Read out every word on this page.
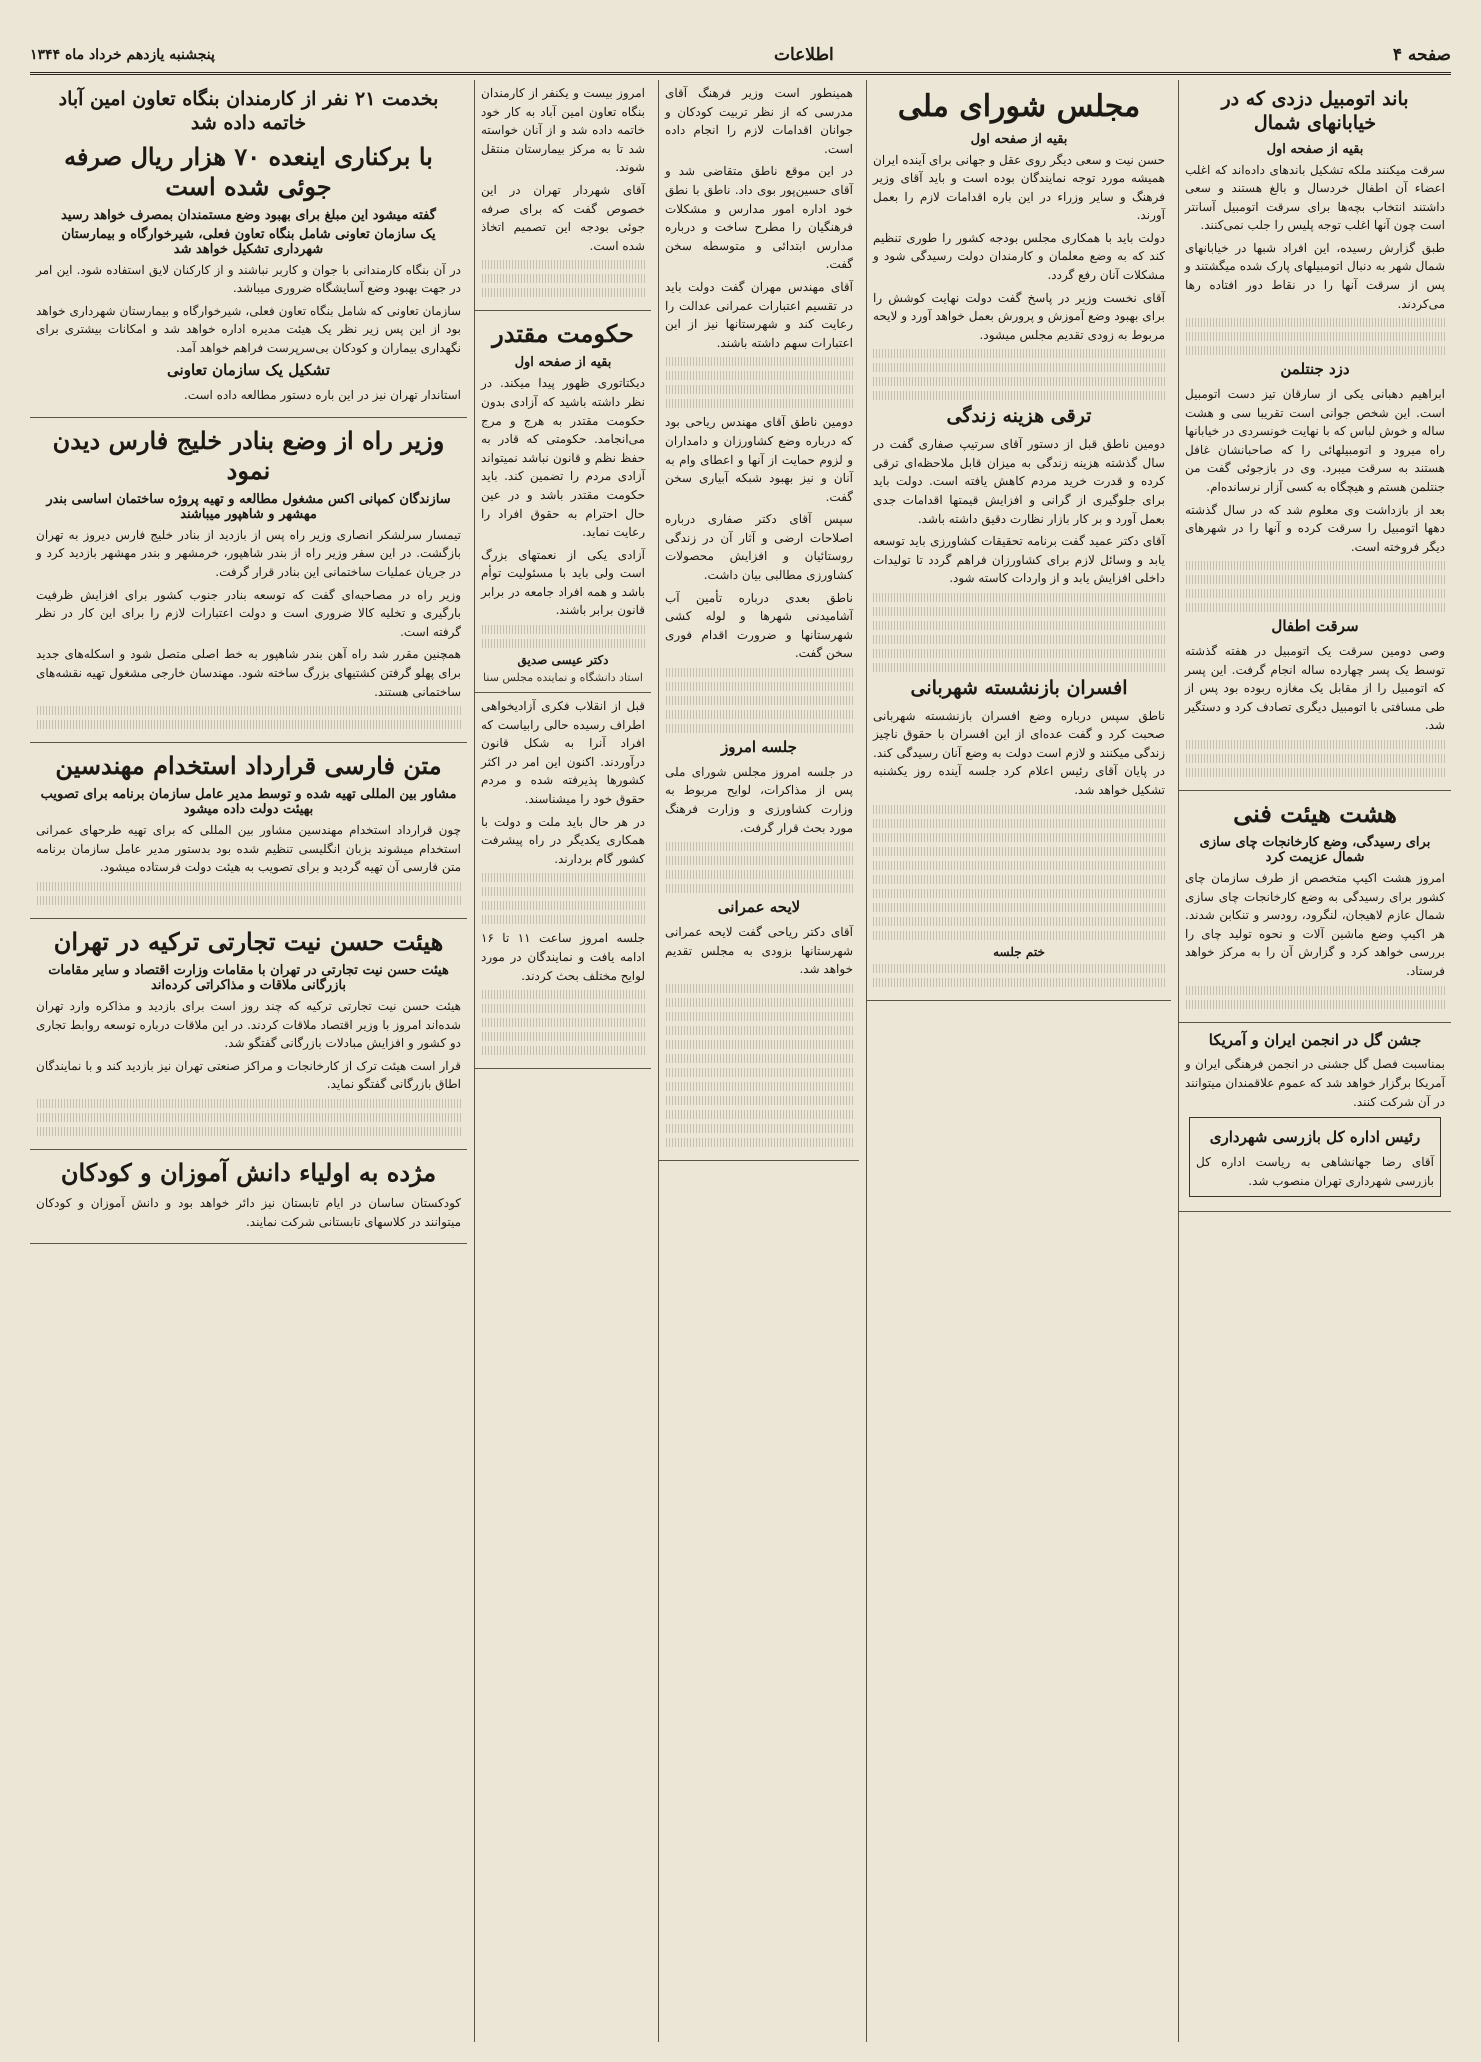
صفحه ۴
اطلاعات
پنجشنبه یازدهم خرداد ماه ۱۳۴۴
باند اتومبیل دزدی که در خیابانهای شمال
بقیه از صفحه اول

سرقت میکنند ملکه تشکیل باندهای داده‌اند که اغلب اعضاء آن اطفال خردسال و بالغ هستند و سعی داشتند انتخاب بچه‌ها برای سرقت اتومبیل آسانتر است چون آنها اغلب توجه پلیس را جلب نمی‌کنند.

طبق گزارش رسیده، این افراد شبها در خیابانهای شمال شهر به دنبال اتومبیلهای پارک شده میگشتند و پس از سرقت آنها را در نقاط دور افتاده رها می‌کردند.

دزد جنتلمن

ابراهیم دهبانی یکی از سارقان تیز دست اتومبیل است. این شخص جوانی است تقریبا سی و هشت ساله و خوش لباس که با نهایت خونسردی در خیابانها راه میرود و اتومبیلهائی را که صاحبانشان غافل هستند به سرقت میبرد. وی در بازجوئی گفت من جنتلمن هستم و هیچگاه به کسی آزار نرسانده‌ام.

بعد از بازداشت وی معلوم شد که در سال گذشته دهها اتومبیل را سرقت کرده و آنها را در شهرهای دیگر فروخته است.

سرقت اطفال

وصی دومین سرقت یک اتومبیل در هفته گذشته توسط یک پسر چهارده ساله انجام گرفت. این پسر که اتومبیل را از مقابل یک مغازه ربوده بود پس از طی مسافتی با اتومبیل دیگری تصادف کرد و دستگیر شد.

هشت هیئت فنی
برای رسیدگی، وضع کارخانجات چای سازی شمال عزیمت کرد

امروز هشت اکیپ متخصص از طرف سازمان چای کشور برای رسیدگی به وضع کارخانجات چای سازی شمال عازم لاهیجان، لنگرود، رودسر و تنکابن شدند. هر اکیپ وضع ماشین آلات و نحوه تولید چای را بررسی خواهد کرد و گزارش آن را به مرکز خواهد فرستاد.

جشن گل در انجمن ایران و آمریکا

بمناسبت فصل گل جشنی در انجمن فرهنگی ایران و آمریکا برگزار خواهد شد که عموم علاقمندان میتوانند در آن شرکت کنند.

رئیس اداره کل بازرسی شهرداری
آقای رضا جهانشاهی به ریاست اداره کل بازرسی شهرداری تهران منصوب شد.
مجلس شورای ملی
بقیه از صفحه اول

حسن نیت و سعی دیگر روی عقل و جهانی برای آینده ایران همیشه مورد توجه نمایندگان بوده است و باید آقای وزیر فرهنگ و سایر وزراء در این باره اقدامات لازم را بعمل آورند.

دولت باید با همکاری مجلس بودجه کشور را طوری تنظیم کند که به وضع معلمان و کارمندان دولت رسیدگی شود و مشکلات آنان رفع گردد.

آقای نخست وزیر در پاسخ گفت دولت نهایت کوشش را برای بهبود وضع آموزش و پرورش بعمل خواهد آورد و لایحه مربوط به زودی تقدیم مجلس میشود.

ترقی هزینه زندگی

دومین ناطق قبل از دستور آقای سرتیپ صفاری گفت در سال گذشته هزینه زندگی به میزان قابل ملاحظه‌ای ترقی کرده و قدرت خرید مردم کاهش یافته است. دولت باید برای جلوگیری از گرانی و افزایش قیمتها اقدامات جدی بعمل آورد و بر کار بازار نظارت دقیق داشته باشد.

آقای دکتر عمید گفت برنامه تحقیقات کشاورزی باید توسعه یابد و وسائل لازم برای کشاورزان فراهم گردد تا تولیدات داخلی افزایش یابد و از واردات کاسته شود.

افسران بازنشسته شهربانی

ناطق سپس درباره وضع افسران بازنشسته شهربانی صحبت کرد و گفت عده‌ای از این افسران با حقوق ناچیز زندگی میکنند و لازم است دولت به وضع آنان رسیدگی کند. در پایان آقای رئیس اعلام کرد جلسه آینده روز یکشنبه تشکیل خواهد شد.

ختم جلسه

همینطور است وزیر فرهنگ آقای مدرسی که از نظر تربیت کودکان و جوانان اقدامات لازم را انجام داده است.

در این موقع ناطق متقاضی شد و آقای حسین‌پور بوی داد. ناطق با نطق خود اداره امور مدارس و مشکلات فرهنگیان را مطرح ساخت و درباره مدارس ابتدائی و متوسطه سخن گفت.

آقای مهندس مهران گفت دولت باید در تقسیم اعتبارات عمرانی عدالت را رعایت کند و شهرستانها نیز از این اعتبارات سهم داشته باشند.

دومین ناطق آقای مهندس ریاحی بود که درباره وضع کشاورزان و دامداران و لزوم حمایت از آنها و اعطای وام به آنان و نیز بهبود شبکه آبیاری سخن گفت.

سپس آقای دکتر صفاری درباره اصلاحات ارضی و آثار آن در زندگی روستائیان و افزایش محصولات کشاورزی مطالبی بیان داشت.

ناطق بعدی درباره تأمین آب آشامیدنی شهرها و لوله کشی شهرستانها و ضرورت اقدام فوری سخن گفت.

جلسه امروز

در جلسه امروز مجلس شورای ملی پس از مذاکرات، لوایح مربوط به وزارت کشاورزی و وزارت فرهنگ مورد بحث قرار گرفت.

لایحه عمرانی

آقای دکتر ریاحی گفت لایحه عمرانی شهرستانها بزودی به مجلس تقدیم خواهد شد.

امروز بیست و یکنفر از کارمندان بنگاه تعاون امین آباد به کار خود خاتمه داده شد و از آنان خواسته شد تا به مرکز بیمارستان منتقل شوند.

آقای شهردار تهران در این خصوص گفت که برای صرفه جوئی بودجه این تصمیم اتخاذ شده است.

حکومت مقتدر
بقیه از صفحه اول

دیکتاتوری ظهور پیدا میکند. در نظر داشته باشید که آزادی بدون حکومت مقتدر به هرج و مرج می‌انجامد. حکومتی که قادر به حفظ نظم و قانون نباشد نمیتواند آزادی مردم را تضمین کند. باید حکومت مقتدر باشد و در عین حال احترام به حقوق افراد را رعایت نماید.

آزادی یکی از نعمتهای بزرگ است ولی باید با مسئولیت توأم باشد و همه افراد جامعه در برابر قانون برابر باشند.

دکتر عیسی صدیق
استاد دانشگاه و نماینده مجلس سنا

قبل از انقلاب فکری آزادیخواهی اطراف رسیده حالی رابیاست که افراد آنرا به شکل قانون درآوردند. اکنون این امر در اکثر کشورها پذیرفته شده و مردم حقوق خود را میشناسند.

در هر حال باید ملت و دولت با همکاری یکدیگر در راه پیشرفت کشور گام بردارند.

جلسه امروز ساعت ۱۱ تا ۱۶ ادامه یافت و نمایندگان در مورد لوایح مختلف بحث کردند.

بخدمت ۲۱ نفر از کارمندان بنگاه تعاون امین آباد خاتمه داده شد
با برکناری اینعده ۷۰ هزار ریال صرفه جوئی شده است
گفته میشود این مبلغ برای بهبود وضع مستمندان بمصرف خواهد رسید
یک سازمان تعاونی شامل بنگاه تعاون فعلی، شیرخوارگاه و بیمارستان شهرداری تشکیل خواهد شد

در آن بنگاه کارمندانی با جوان و کاربر نباشند و از کارکنان لایق استفاده شود. این امر در جهت بهبود وضع آسایشگاه ضروری میباشد.

سازمان تعاونی که شامل بنگاه تعاون فعلی، شیرخوارگاه و بیمارستان شهرداری خواهد بود از این پس زیر نظر یک هیئت مدیره اداره خواهد شد و امکانات بیشتری برای نگهداری بیماران و کودکان بی‌سرپرست فراهم خواهد آمد.

تشکیل یک سازمان تعاونی

استاندار تهران نیز در این باره دستور مطالعه داده است.

وزیر راه از وضع بنادر خلیج فارس دیدن نمود
سازندگان کمپانی اکس مشغول مطالعه و تهیه پروژه ساختمان اساسی بندر مهشهر و شاهپور میباشند

تیمسار سرلشکر انصاری وزیر راه پس از بازدید از بنادر خلیج فارس دیروز به تهران بازگشت. در این سفر وزیر راه از بندر شاهپور، خرمشهر و بندر مهشهر بازدید کرد و در جریان عملیات ساختمانی این بنادر قرار گرفت.

وزیر راه در مصاحبه‌ای گفت که توسعه بنادر جنوب کشور برای افزایش ظرفیت بارگیری و تخلیه کالا ضروری است و دولت اعتبارات لازم را برای این کار در نظر گرفته است.

همچنین مقرر شد راه آهن بندر شاهپور به خط اصلی متصل شود و اسکله‌های جدید برای پهلو گرفتن کشتیهای بزرگ ساخته شود. مهندسان خارجی مشغول تهیه نقشه‌های ساختمانی هستند.

متن فارسی قرارداد استخدام مهندسین
مشاور بین المللی تهیه شده و توسط مدیر عامل سازمان برنامه برای تصویب بهیئت دولت داده میشود

چون قرارداد استخدام مهندسین مشاور بین المللی که برای تهیه طرحهای عمرانی استخدام میشوند بزبان انگلیسی تنظیم شده بود بدستور مدیر عامل سازمان برنامه متن فارسی آن تهیه گردید و برای تصویب به هیئت دولت فرستاده میشود.

هیئت حسن نیت تجارتی ترکیه در تهران
هیئت حسن نیت تجارتی در تهران با مقامات وزارت اقتصاد و سایر مقامات بازرگانی ملاقات و مذاکراتی کرده‌اند

هیئت حسن نیت تجارتی ترکیه که چند روز است برای بازدید و مذاکره وارد تهران شده‌اند امروز با وزیر اقتصاد ملاقات کردند. در این ملاقات درباره توسعه روابط تجاری دو کشور و افزایش مبادلات بازرگانی گفتگو شد.

قرار است هیئت ترک از کارخانجات و مراکز صنعتی تهران نیز بازدید کند و با نمایندگان اطاق بازرگانی گفتگو نماید.

مژده به اولیاء دانش آموزان و کودکان

کودکستان ساسان در ایام تابستان نیز دائر خواهد بود و دانش آموزان و کودکان میتوانند در کلاسهای تابستانی شرکت نمایند.
